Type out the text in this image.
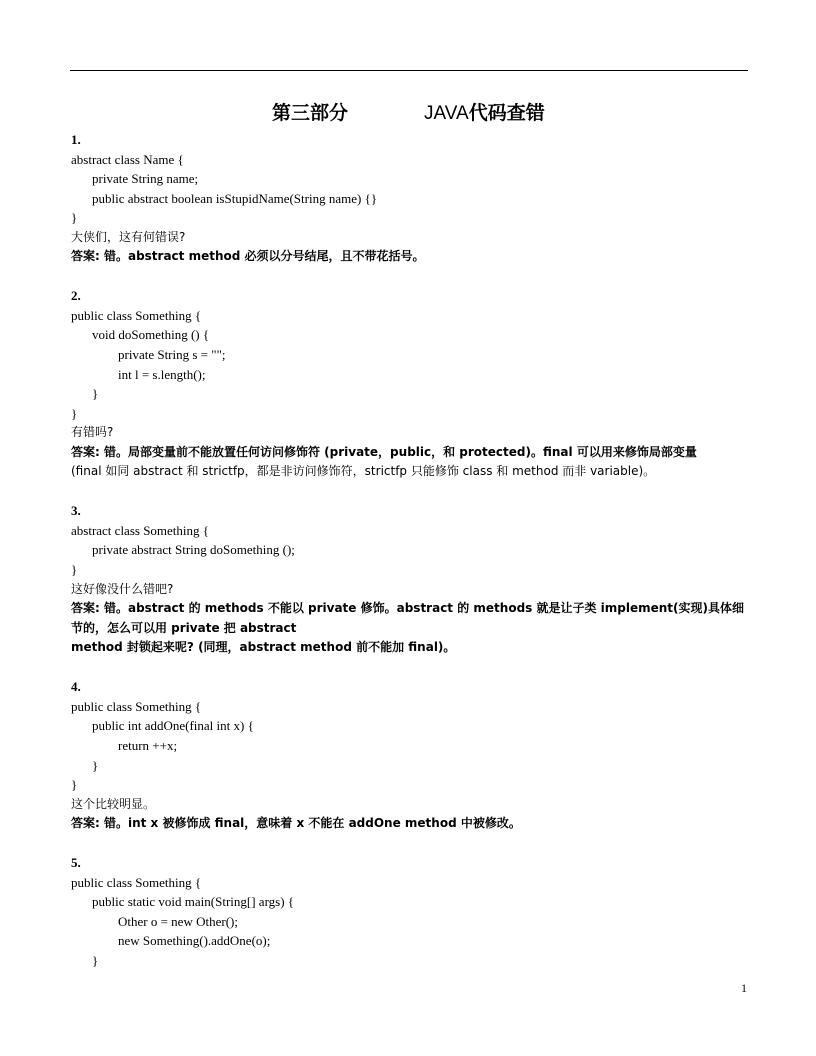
第三部分	JAVA代码查错
1.
abstract class Name {
private String name;
public abstract boolean isStupidName(String name) {}
}
大侠们，这有何错误?
答案: 错。abstract method 必须以分号结尾，且不带花括号。
2.
public class Something {
void doSomething () {
private String s = "";
int l = s.length();
}
}
有错吗?
答案: 错。局部变量前不能放置任何访问修饰符 (private，public，和 protected)。final 可以用来修饰局部变量
(final 如同 abstract 和 strictfp，都是非访问修饰符，strictfp 只能修饰 class 和 method 而非 variable)。
3.
abstract class Something {
private abstract String doSomething ();
}
这好像没什么错吧?
答案: 错。abstract 的 methods 不能以 private 修饰。abstract 的 methods 就是让子类 implement(实现)具体细节的，怎么可以用 private 把 abstract
method 封锁起来呢? (同理，abstract method 前不能加 final)。
4.
public class Something {
public int addOne(final int x) {
return ++x;
}
}
这个比较明显。
答案: 错。int x 被修饰成 final，意味着 x 不能在 addOne method 中被修改。
5.
public class Something {
public static void main(String[] args) {
Other o = new Other();
new Something().addOne(o);
}
1
